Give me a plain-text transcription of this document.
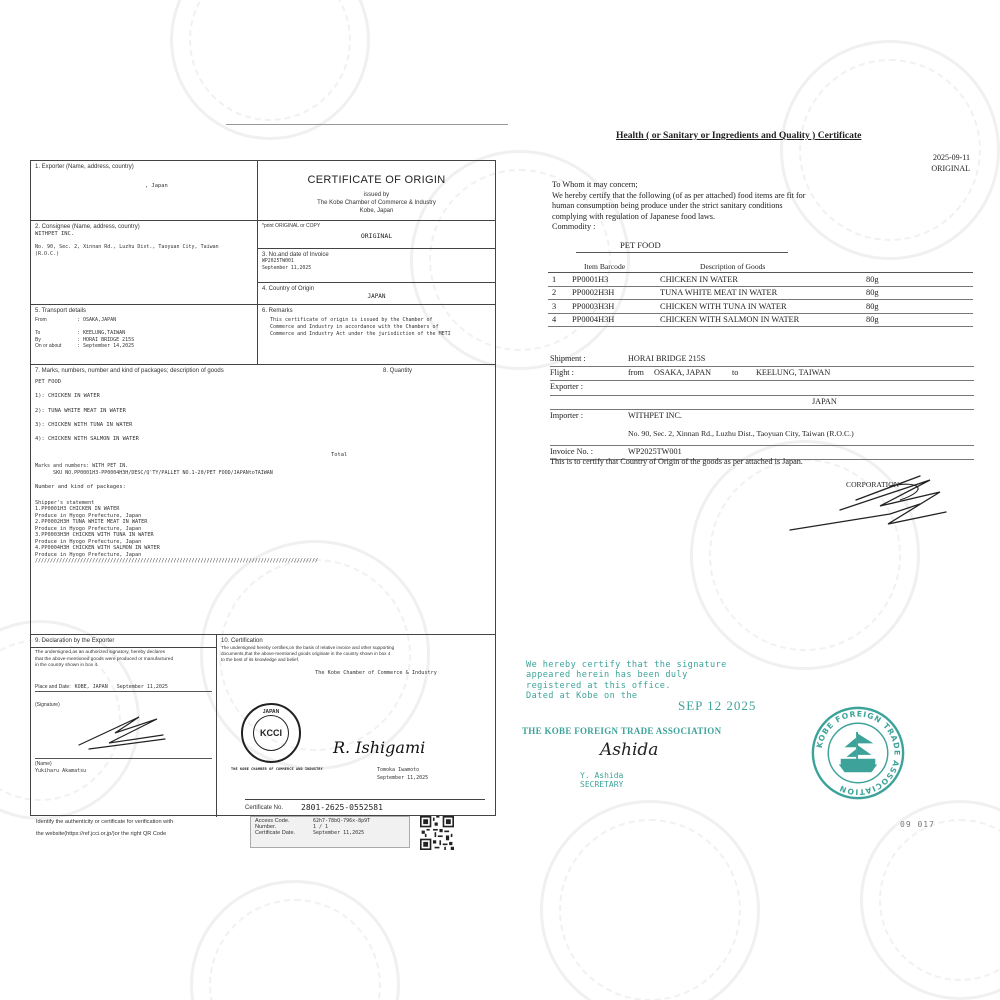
1. Exporter (Name, address, country)
, Japan
CERTIFICATE OF ORIGIN
issued by
The Kobe Chamber of Commerce & Industry
Kobe, Japan
2. Consignee (Name, address, country)
WITHPET INC.
No. 90, Sec. 2, Xinnan Rd., Luzhu Dist., Taoyuan City, Taiwan
(R.O.C.)
*print ORIGINAL or COPY
ORIGINAL
3. No.and date of Invoice
WP2025TW001
September 11,2025
4. Country of Origin
JAPAN
5. Transport details
From	: OSAKA,JAPAN
To	: KEELUNG,TAIWAN
By	: HORAI BRIDGE 215S
On or about	: September 14,2025
6. Remarks
This certificate of origin is issued by the Chamber of
Commerce and Industry in accordance with the Chambers of
Commerce and Industry Act under the jurisdiction of the METI
7. Marks, numbers, number and kind of packages; description of goods	8. Quantity
PET FOOD
1): CHICKEN IN WATER
2): TUNA WHITE MEAT IN WATER
3): CHICKEN WITH TUNA IN WATER
4): CHICKEN WITH SALMON IN WATER
Total
Marks and numbers: WITH PET IN.
SKU NO.PP0001H3-PP0004H3H/DESC/Q'TY/PALLET NO.1-20/PET FOOD/JAPANtoTAIWAN
Number and kind of packages:
Shipper's statement
1.PP0001H3 CHICKEN IN WATER
Produce in Hyogo Prefecture, Japan
2.PP0002H3H TUNA WHITE MEAT IN WATER
Produce in Hyogo Prefecture, Japan
3.PP0003H3H CHICKEN WITH TUNA IN WATER
Produce in Hyogo Prefecture, Japan
4.PP0004H3H CHICKEN WITH SALMON IN WATER
Produce in Hyogo Prefecture, Japan
//////////////////////////////////////////////////////////////////////////////////////////////
9. Declaration by the Exporter
The undersigned,as an authorized signatory, hereby declares
that the above-mentioned goods were produced or manufactured
in the country shown in box 4.
Place and Date: KOBE, JAPAN   September 11,2025
(Signature)
(Name)
Yukiharu Akamatsu
10. Certification
The undersigned hereby certifies,on the basis of relative invoice and other supporting
documents,that the above-mentioned goods originate in the country shown in box 4
to the best of its knowledge and belief.
The Kobe Chamber of Commerce & Industry
JAPAN
KCCI
THE KOBE CHAMBER OF COMMERCE AND INDUSTRY
R. Ishigami
Tomoka Iwamoto
September 11,2025
Certificate No. 2801-2625-0552581
Identify the authenticity or certificate for verification with
the website(https://ref.jcci.or.jp/)or the right QR Code
Access Code.	62h7-78bQ-796x-8p9T
Number.	1 / 1
Certificate Date.	September 11,2025
Health ( or Sanitary or Ingredients and Quality ) Certificate
2025-09-11
ORIGINAL
To Whom it may concern;
We hereby certify that the following (of as per attached) food items are fit for
human consumption being produce under the strict sanitary conditions
complying with regulation of Japanese food laws.
Commodity :
PET FOOD
	Item Barcode	Description of Goods	
1	PP0001H3	CHICKEN IN WATER	80g
2	PP0002H3H	TUNA WHITE MEAT IN WATER	80g
3	PP0003H3H	CHICKEN WITH TUNA IN WATER	80g
4	PP0004H3H	CHICKEN WITH SALMON IN WATER	80g
Shipment :	HORAI BRIDGE 215S
Flight :	from OSAKA, JAPAN	to KEELUNG, TAIWAN
Exporter :
JAPAN
Importer :	WITHPET INC.
No. 90, Sec. 2, Xinnan Rd., Luzhu Dist., Taoyuan City, Taiwan (R.O.C.)
Invoice No. :	WP2025TW001
This is to certify that Country of Origin of the goods as per attached is Japan.
CORPORATION
We hereby certify that the signature
appeared herein has been duly
registered at this office.
Dated at Kobe on the
SEP 12 2025
THE KOBE FOREIGN TRADE ASSOCIATION
Ashida
Y. Ashida
SECRETARY
KOBE FOREIGN TRADE ASSOCIATION
09 017
